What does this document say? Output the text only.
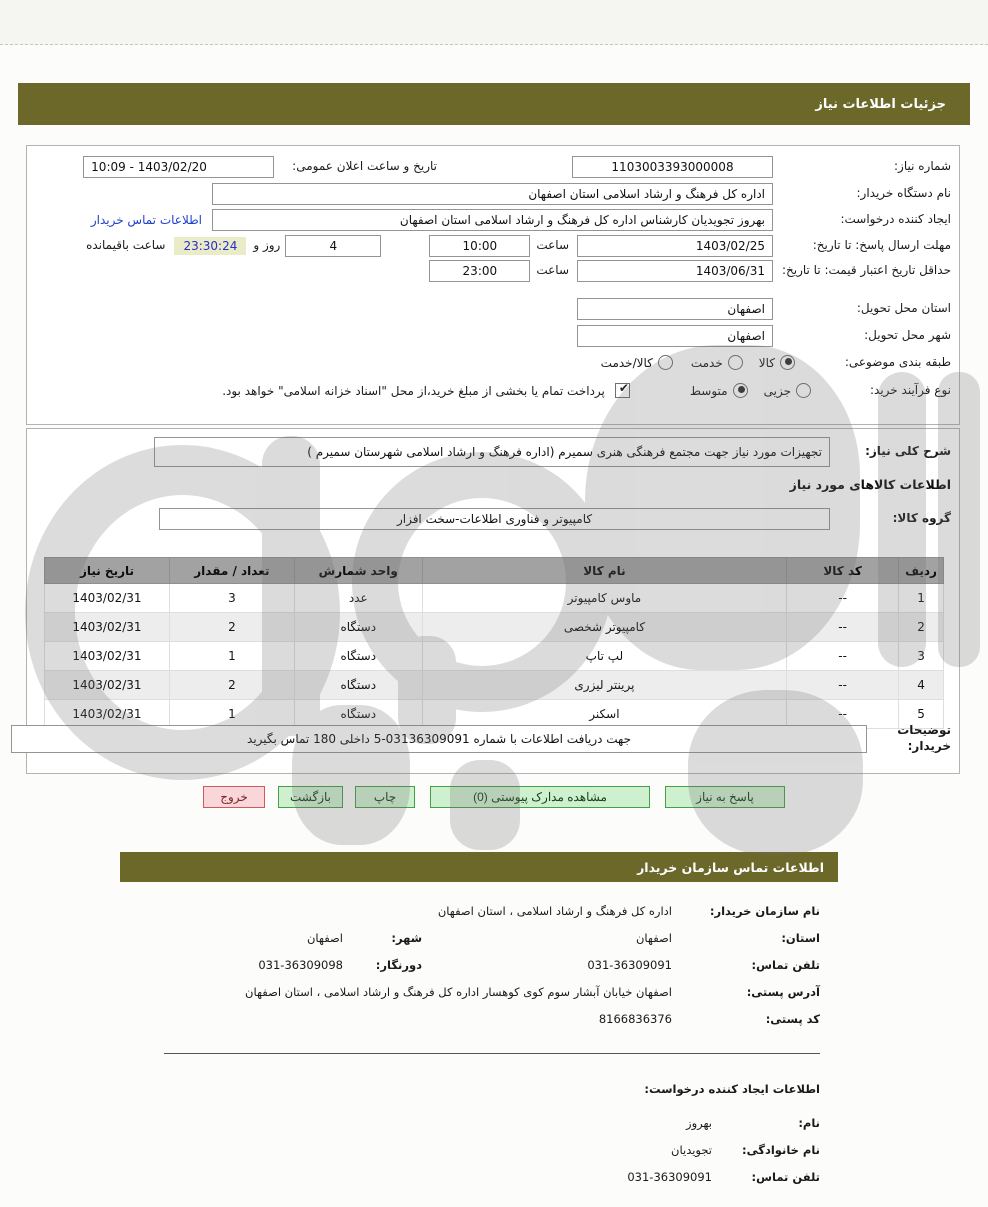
جزئیات اطلاعات نیاز
شماره نیاز:
1103003393000008
تاریخ و ساعت اعلان عمومی:
10:09 - 1403/02/20
نام دستگاه خریدار:
اداره کل فرهنگ و ارشاد اسلامی استان اصفهان
ایجاد کننده درخواست:
بهروز تجویدیان کارشناس اداره کل فرهنگ و ارشاد اسلامی استان اصفهان
اطلاعات تماس خریدار
مهلت ارسال پاسخ: تا تاریخ:
1403/02/25
ساعت
10:00
4
روز و
23:30:24
ساعت باقیمانده
حداقل تاریخ اعتبار قیمت: تا تاریخ:
1403/06/31
ساعت
23:00
استان محل تحویل:
اصفهان
شهر محل تحویل:
اصفهان
طبقه بندی موضوعی:
کالا
خدمت
کالا/خدمت
نوع فرآیند خرید:
جزیی
متوسط
✔
پرداخت تمام یا بخشی از مبلغ خرید،از محل "اسناد خزانه اسلامی" خواهد بود.
شرح کلی نیاز:
تجهیزات مورد نیاز جهت مجتمع فرهنگی هنری سمیرم (اداره فرهنگ و ارشاد اسلامی شهرستان سمیرم )
اطلاعات کالاهای مورد نیاز
گروه کالا:
کامپیوتر و فناوری اطلاعات-سخت افزار
ردیف	کد کالا	نام کالا	واحد شمارش	تعداد / مقدار	تاریخ نیاز
1	--	ماوس کامپیوتر	عدد	3	1403/02/31
2	--	کامپیوتر شخصی	دستگاه	2	1403/02/31
3	--	لپ تاپ	دستگاه	1	1403/02/31
4	--	پرینتر لیزری	دستگاه	2	1403/02/31
5	--	اسکنر	دستگاه	1	1403/02/31
توضیحات خریدار:
جهت دریافت اطلاعات با شماره 03136309091-5 داخلی 180 تماس بگیرید
پاسخ به نیاز
مشاهده مدارک پیوستی (0)
چاپ
بازگشت
خروج
اطلاعات تماس سازمان خریدار
نام سازمان خریدار:
اداره کل فرهنگ و ارشاد اسلامی ، استان اصفهان
استان:
اصفهان
شهر:
اصفهان
تلفن تماس:
031-36309091
دورنگار:
031-36309098
آدرس پستی:
اصفهان خیابان آبشار سوم کوی کوهسار اداره کل فرهنگ و ارشاد اسلامی ، استان اصفهان
کد پستی:
8166836376
اطلاعات ایجاد کننده درخواست:
نام:
بهروز
نام خانوادگی:
تجویدیان
تلفن تماس:
031-36309091
